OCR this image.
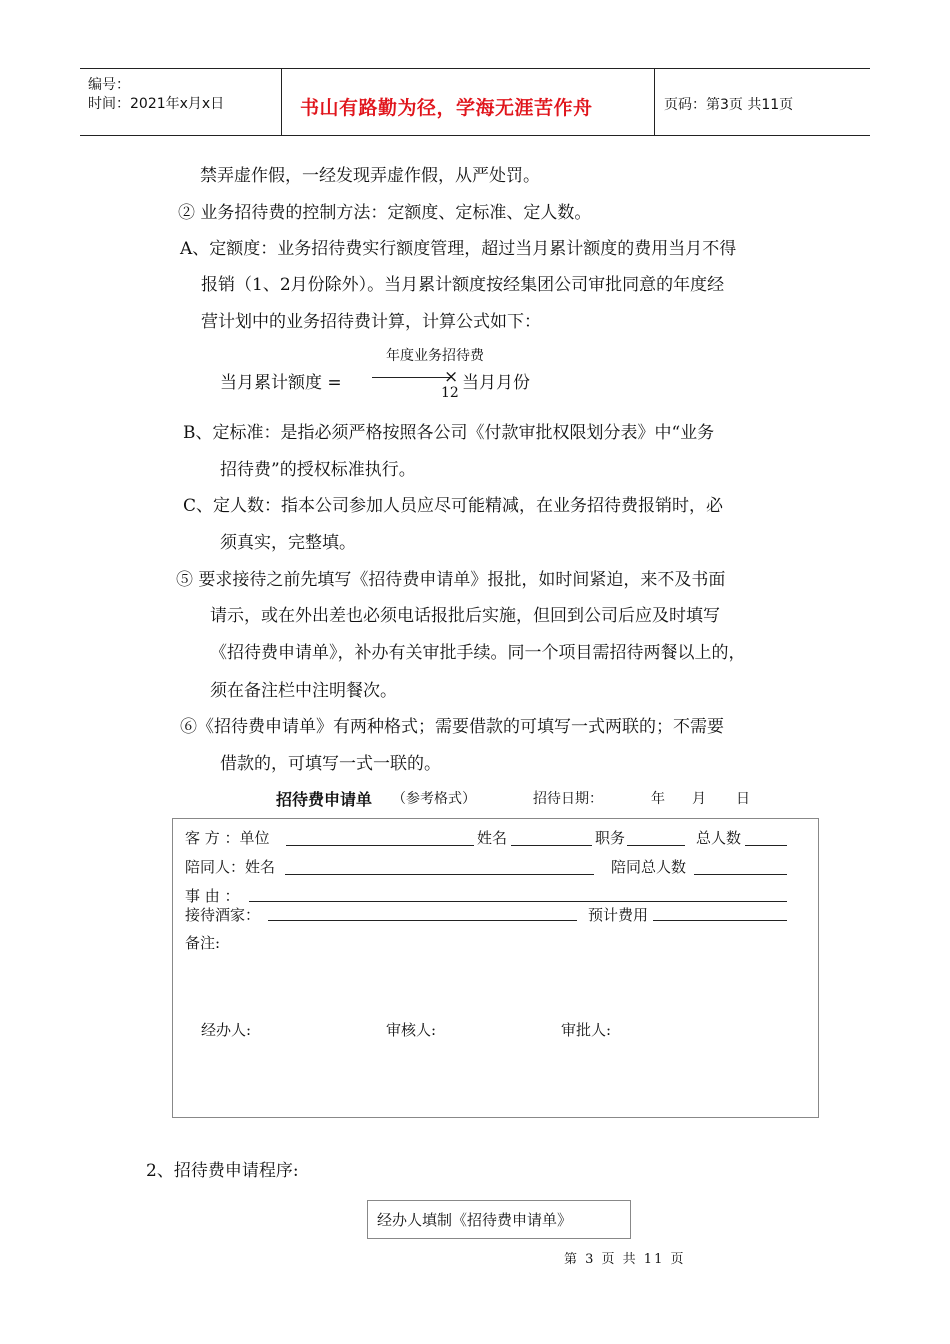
编号：
时间：2021年x月x日	书山有路勤为径，学海无涯苦作舟	页码：第3页 共11页
禁弄虚作假，一经发现弄虚作假，从严处罚。
② 业务招待费的控制方法：定额度、定标准、定人数。
A、定额度：业务招待费实行额度管理，超过当月累计额度的费用当月不得
报销（1、2月份除外）。当月累计额度按经集团公司审批同意的年度经
营计划中的业务招待费计算，计算公式如下：
年度业务招待费
当月累计额度 =	× 当月月份
12
B、定标准：是指必须严格按照各公司《付款审批权限划分表》中“业务
招待费”的授权标准执行。
C、定人数：指本公司参加人员应尽可能精减，在业务招待费报销时，必
须真实，完整填。
⑤ 要求接待之前先填写《招待费申请单》报批，如时间紧迫，来不及书面
请示，或在外出差也必须电话报批后实施，但回到公司后应及时填写
《招待费申请单》，补办有关审批手续。同一个项目需招待两餐以上的，
须在备注栏中注明餐次。
⑥《招待费申请单》有两种格式；需要借款的可填写一式两联的；不需要
借款的，可填写一式一联的。
招待费申请单 （参考格式）	招待日期：	年 月 日
客 方 ：单位	姓名	职务	总人数
陪同人：姓名	陪同总人数
事 由 ：
接待酒家：	预计费用
备注:
经办人:	审核人:	审批人:
2、招待费申请程序:
经办人填制《招待费申请单》
第 3 页 共 11 页
